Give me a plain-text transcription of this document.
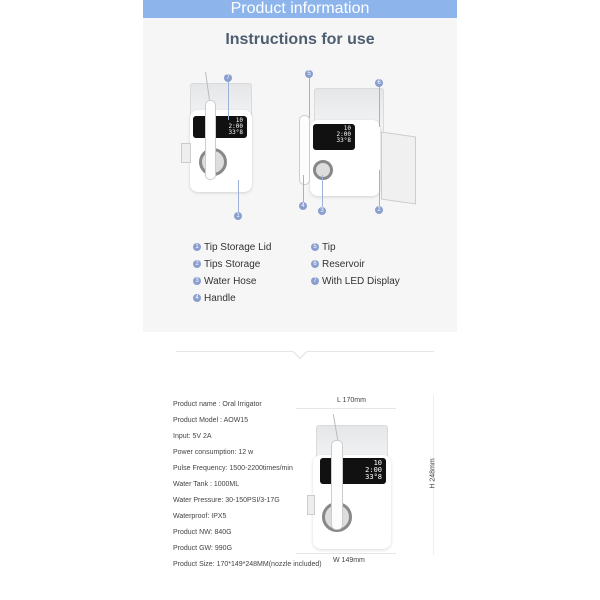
Product information
Instructions for use
10
2:00
33°8
1
7
10
2:00
33°8
5
6
4
3	2
1 Tip Storage Lid
2 Tips Storage
3 Water Hose
4 Handle
5 Tip
6 Reservoir
7 With LED Display
Product name : Oral Irrigator
Product Model : AOW15
Input: 5V 2A
Power consumption: 12 w
Pulse Frequency: 1500-2200times/min
Water Tank : 1000ML
Water Pressure: 30-150PSI/3-17G
Waterproof: IPX5
Product NW: 840G
Product GW: 990G
Product Size: 170*149*248MM(nozzle included)
L 170mm
10
2:00
33°8
W 149mm
H 248mm
